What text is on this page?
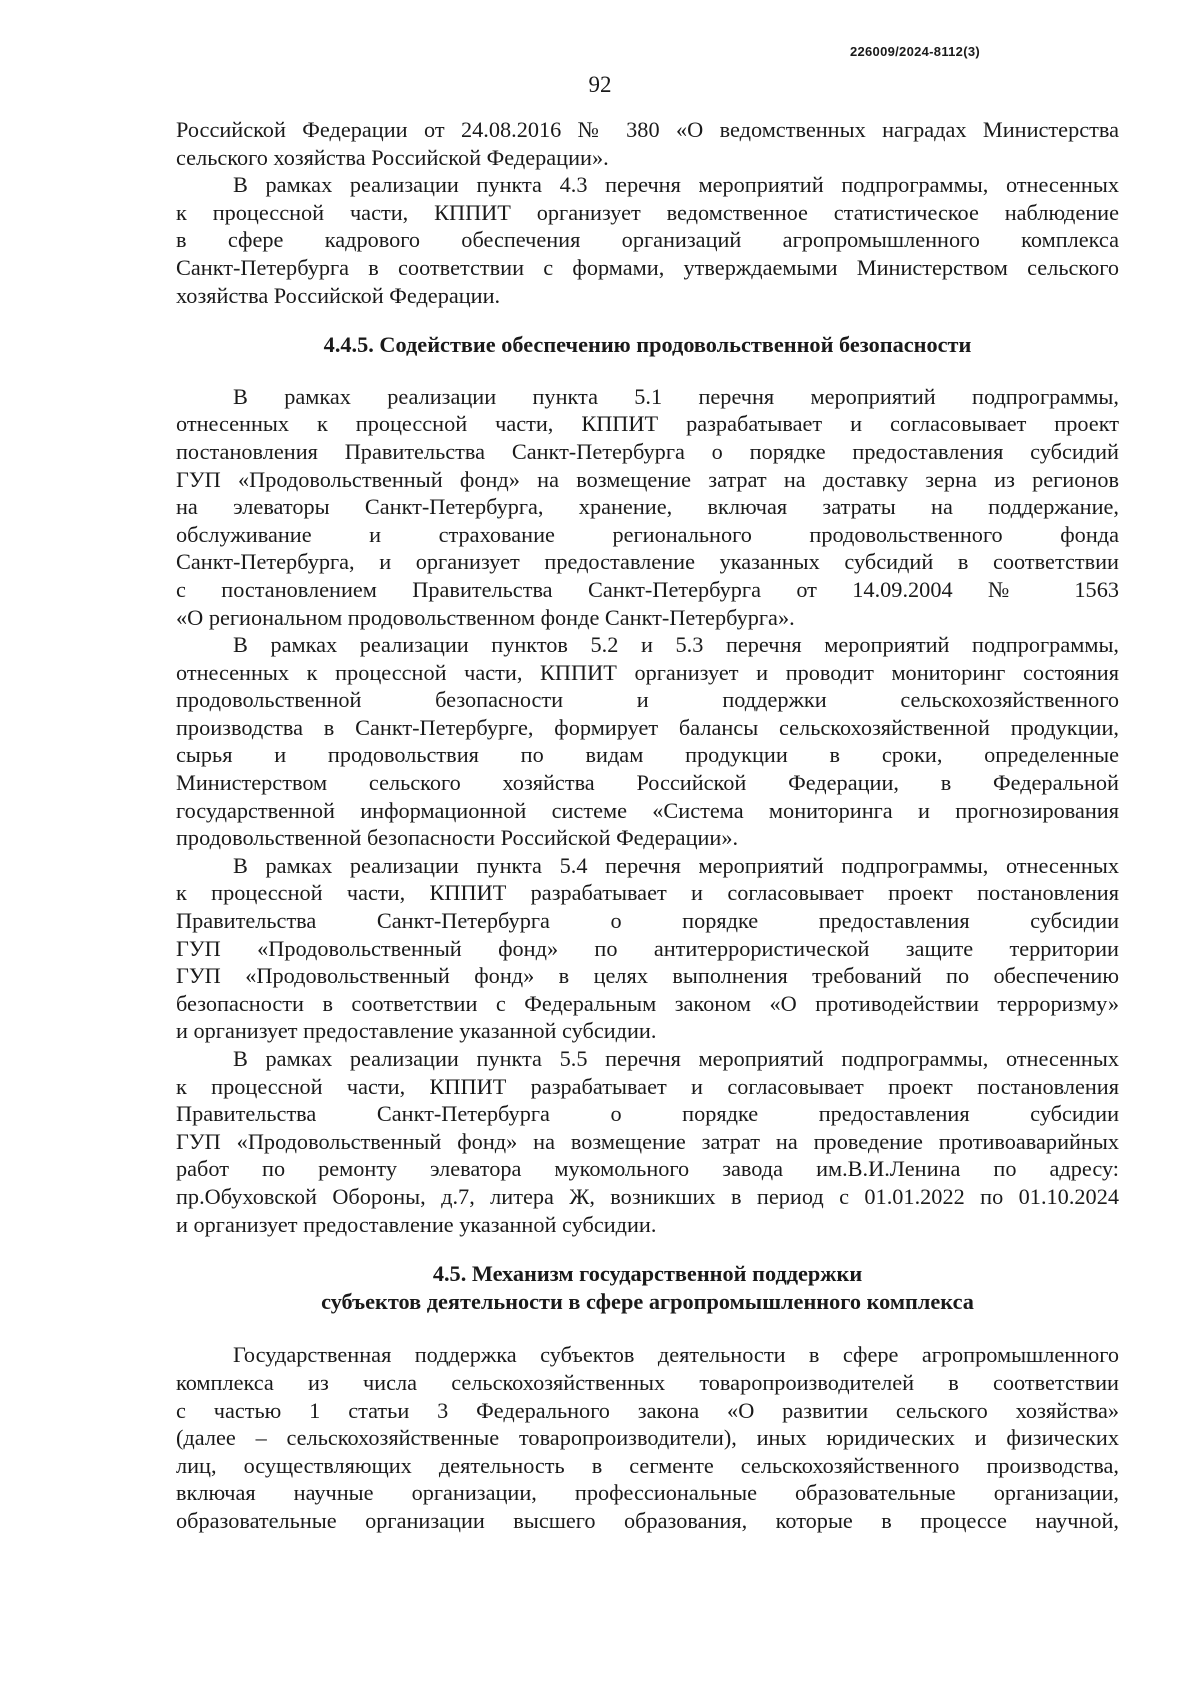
226009/2024-8112(3)
92
Российской Федерации от 24.08.2016 № 380 «О ведомственных наградах Министерства
сельского хозяйства Российской Федерации».
В рамках реализации пункта 4.3 перечня мероприятий подпрограммы, отнесенных
к процессной части, КППИТ организует ведомственное статистическое наблюдение
в сфере кадрового обеспечения организаций агропромышленного комплекса
Санкт-Петербурга в соответствии с формами, утверждаемыми Министерством сельского
хозяйства Российской Федерации.
4.4.5. Содействие обеспечению продовольственной безопасности
В рамках реализации пункта 5.1 перечня мероприятий подпрограммы,
отнесенных к процессной части, КППИТ разрабатывает и согласовывает проект
постановления Правительства Санкт-Петербурга о порядке предоставления субсидий
ГУП «Продовольственный фонд» на возмещение затрат на доставку зерна из регионов
на элеваторы Санкт-Петербурга, хранение, включая затраты на поддержание,
обслуживание и страхование регионального продовольственного фонда
Санкт-Петербурга, и организует предоставление указанных субсидий в соответствии
с постановлением Правительства Санкт-Петербурга от 14.09.2004 № 1563
«О региональном продовольственном фонде Санкт-Петербурга».
В рамках реализации пунктов 5.2 и 5.3 перечня мероприятий подпрограммы,
отнесенных к процессной части, КППИТ организует и проводит мониторинг состояния
продовольственной безопасности и поддержки сельскохозяйственного
производства в Санкт-Петербурге, формирует балансы сельскохозяйственной продукции,
сырья и продовольствия по видам продукции в сроки, определенные
Министерством сельского хозяйства Российской Федерации, в Федеральной
государственной информационной системе «Система мониторинга и прогнозирования
продовольственной безопасности Российской Федерации».
В рамках реализации пункта 5.4 перечня мероприятий подпрограммы, отнесенных
к процессной части, КППИТ разрабатывает и согласовывает проект постановления
Правительства Санкт-Петербурга о порядке предоставления субсидии
ГУП «Продовольственный фонд» по антитеррористической защите территории
ГУП «Продовольственный фонд» в целях выполнения требований по обеспечению
безопасности в соответствии с Федеральным законом «О противодействии терроризму»
и организует предоставление указанной субсидии.
В рамках реализации пункта 5.5 перечня мероприятий подпрограммы, отнесенных
к процессной части, КППИТ разрабатывает и согласовывает проект постановления
Правительства Санкт-Петербурга о порядке предоставления субсидии
ГУП «Продовольственный фонд» на возмещение затрат на проведение противоаварийных
работ по ремонту элеватора мукомольного завода им.В.И.Ленина по адресу:
пр.Обуховской Обороны, д.7, литера Ж, возникших в период с 01.01.2022 по 01.10.2024
и организует предоставление указанной субсидии.
4.5. Механизм государственной поддержки
субъектов деятельности в сфере агропромышленного комплекса
Государственная поддержка субъектов деятельности в сфере агропромышленного
комплекса из числа сельскохозяйственных товаропроизводителей в соответствии
с частью 1 статьи 3 Федерального закона «О развитии сельского хозяйства»
(далее – сельскохозяйственные товаропроизводители), иных юридических и физических
лиц, осуществляющих деятельность в сегменте сельскохозяйственного производства,
включая научные организации, профессиональные образовательные организации,
образовательные организации высшего образования, которые в процессе научной,
